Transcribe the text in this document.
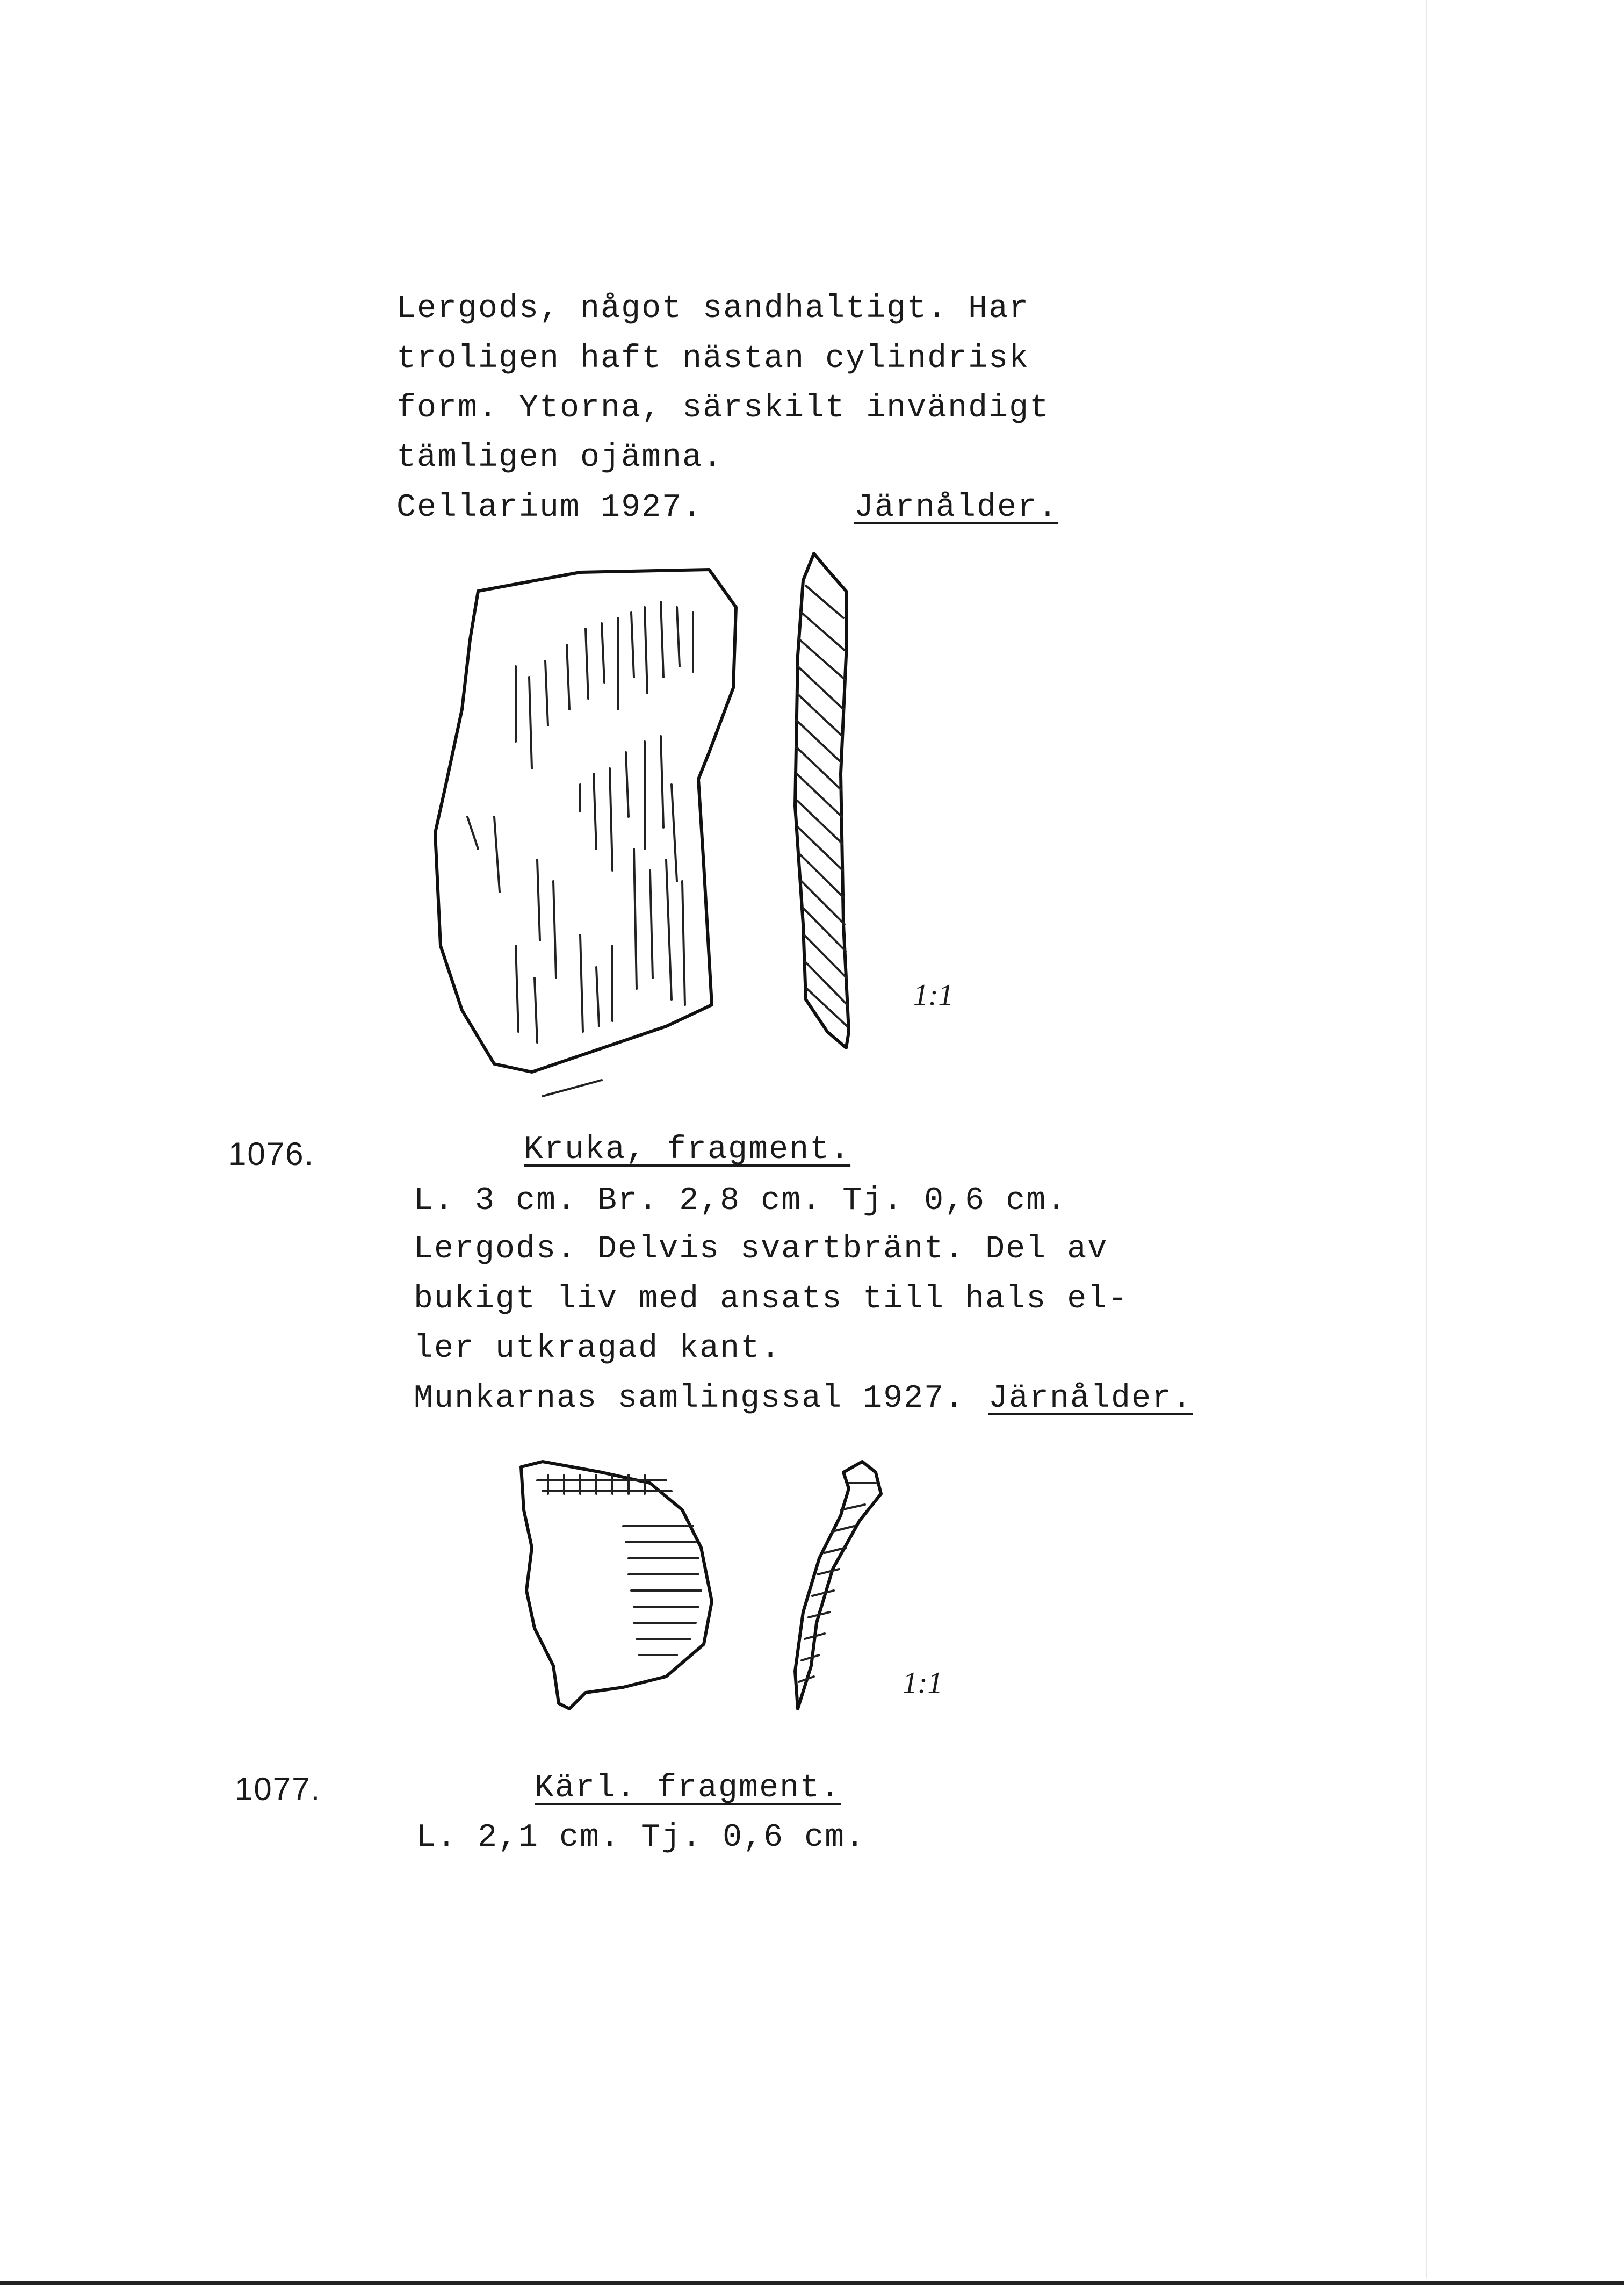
Lergods, något sandhaltigt. Har
troligen haft nästan cylindrisk
form. Ytorna, särskilt invändigt
tämligen ojämna.
Cellarium 1927.	Järnålder.
1:1
1076.	Kruka, fragment.
L. 3 cm. Br. 2,8 cm. Tj. 0,6 cm.
Lergods. Delvis svartbränt. Del av
bukigt liv med ansats till hals el-
ler utkragad kant.
Munkarnas samlingssal 1927. Järnålder.
1:1
1077.	Kärl. fragment.
L. 2,1 cm. Tj. 0,6 cm.
